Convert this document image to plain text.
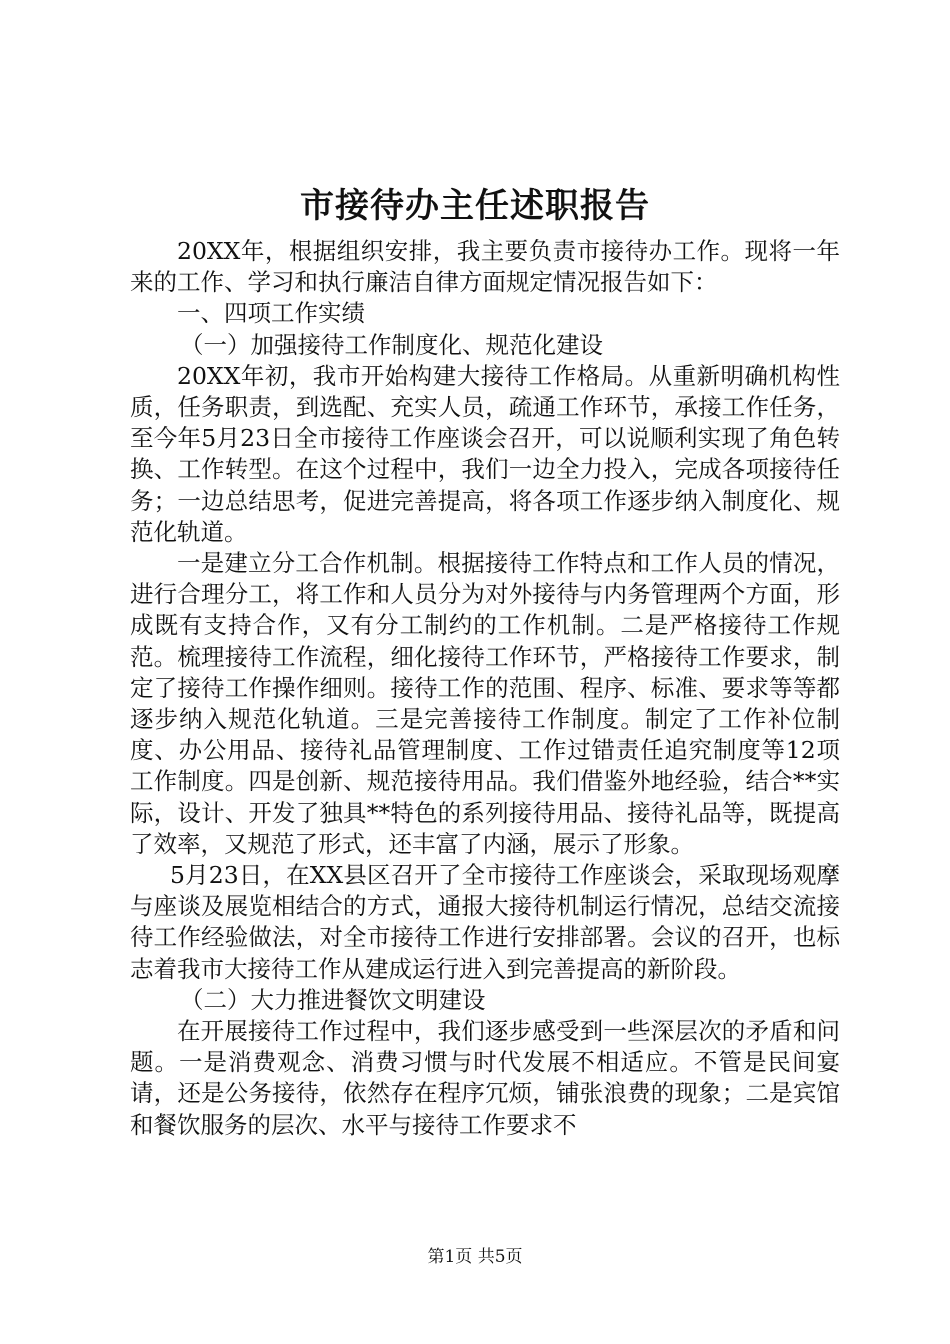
市接待办主任述职报告

20XX年，根据组织安排，我主要负责市接待办工作。现将一年来的工作、学习和执行廉洁自律方面规定情况报告如下：

一、四项工作实绩

（一）加强接待工作制度化、规范化建设

20XX年初，我市开始构建大接待工作格局。从重新明确机构性质，任务职责，到选配、充实人员，疏通工作环节，承接工作任务，至今年5月23日全市接待工作座谈会召开，可以说顺利实现了角色转换、工作转型。在这个过程中，我们一边全力投入，完成各项接待任务；一边总结思考，促进完善提高，将各项工作逐步纳入制度化、规范化轨道。

一是建立分工合作机制。根据接待工作特点和工作人员的情况，进行合理分工，将工作和人员分为对外接待与内务管理两个方面，形成既有支持合作，又有分工制约的工作机制。二是严格接待工作规范。梳理接待工作流程，细化接待工作环节，严格接待工作要求，制定了接待工作操作细则。接待工作的范围、程序、标准、要求等等都逐步纳入规范化轨道。三是完善接待工作制度。制定了工作补位制度、办公用品、接待礼品管理制度、工作过错责任追究制度等12项工作制度。四是创新、规范接待用品。我们借鉴外地经验，结合**实际，设计、开发了独具**特色的系列接待用品、接待礼品等，既提高了效率，又规范了形式，还丰富了内涵，展示了形象。

5月23日，在XX县区召开了全市接待工作座谈会，采取现场观摩与座谈及展览相结合的方式，通报大接待机制运行情况，总结交流接待工作经验做法，对全市接待工作进行安排部署。会议的召开，也标志着我市大接待工作从建成运行进入到完善提高的新阶段。

（二）大力推进餐饮文明建设

在开展接待工作过程中，我们逐步感受到一些深层次的矛盾和问题。一是消费观念、消费习惯与时代发展不相适应。不管是民间宴请，还是公务接待，依然存在程序冗烦，铺张浪费的现象；二是宾馆和餐饮服务的层次、水平与接待工作要求不

第1页 共5页
